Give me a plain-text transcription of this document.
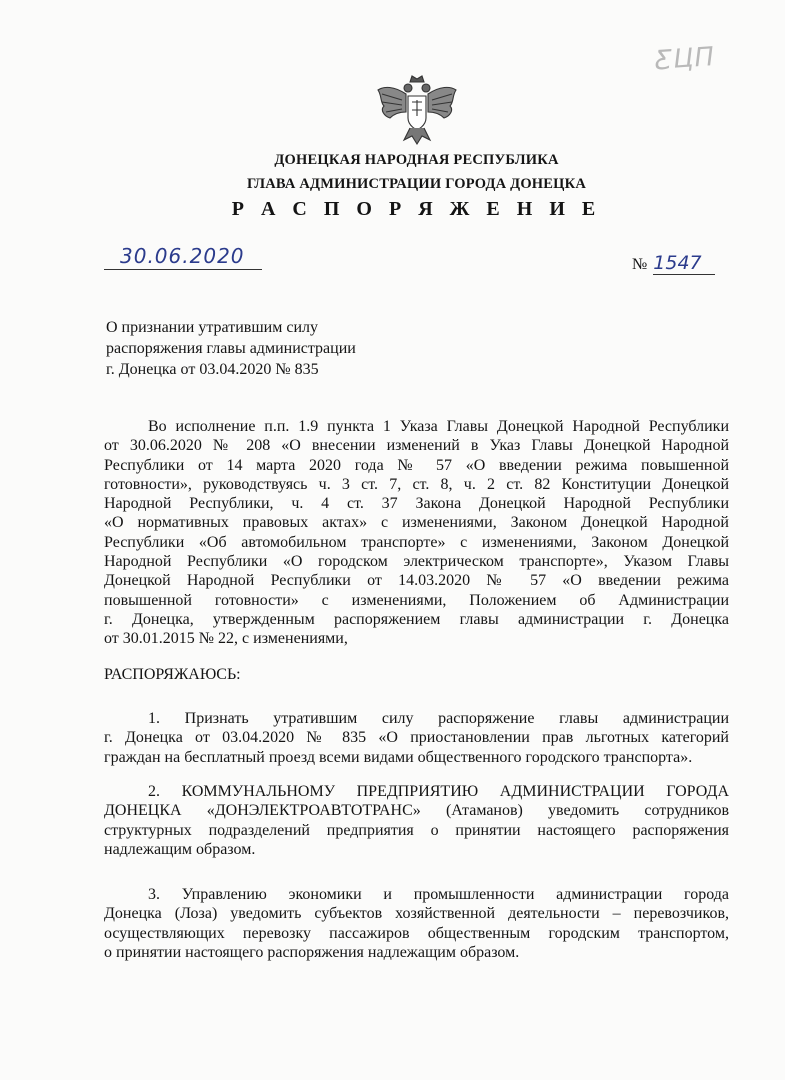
ƸЦП
ДОНЕЦКАЯ НАРОДНАЯ РЕСПУБЛИКА
ГЛАВА АДМИНИСТРАЦИИ ГОРОДА ДОНЕЦКА
Р А С П О Р Я Ж Е Н И Е
30.06.2020	№ 1547
О признании утратившим силу
распоряжения главы администрации
г. Донецка от 03.04.2020 № 835
Во исполнение п.п. 1.9 пункта 1 Указа Главы Донецкой Народной Республики
от 30.06.2020 № 208 «О внесении изменений в Указ Главы Донецкой Народной
Республики от 14 марта 2020 года № 57 «О введении режима повышенной
готовности», руководствуясь ч. 3 ст. 7, ст. 8, ч. 2 ст. 82 Конституции Донецкой
Народной Республики, ч. 4 ст. 37 Закона Донецкой Народной Республики
«О нормативных правовых актах» с изменениями, Законом Донецкой Народной
Республики «Об автомобильном транспорте» с изменениями, Законом Донецкой
Народной Республики «О городском электрическом транспорте», Указом Главы
Донецкой Народной Республики от 14.03.2020 № 57 «О введении режима
повышенной готовности» с изменениями, Положением об Администрации
г. Донецка, утвержденным распоряжением главы администрации г. Донецка
от 30.01.2015 № 22, с изменениями,
РАСПОРЯЖАЮСЬ:
1. Признать утратившим силу распоряжение главы администрации
г. Донецка от 03.04.2020 № 835 «О приостановлении прав льготных категорий
граждан на бесплатный проезд всеми видами общественного городского транспорта».
2. КОММУНАЛЬНОМУ ПРЕДПРИЯТИЮ АДМИНИСТРАЦИИ ГОРОДА
ДОНЕЦКА «ДОНЭЛЕКТРОАВТОТРАНС» (Атаманов) уведомить сотрудников
структурных подразделений предприятия о принятии настоящего распоряжения
надлежащим образом.
3. Управлению экономики и промышленности администрации города
Донецка (Лоза) уведомить субъектов хозяйственной деятельности – перевозчиков,
осуществляющих перевозку пассажиров общественным городским транспортом,
о принятии настоящего распоряжения надлежащим образом.
